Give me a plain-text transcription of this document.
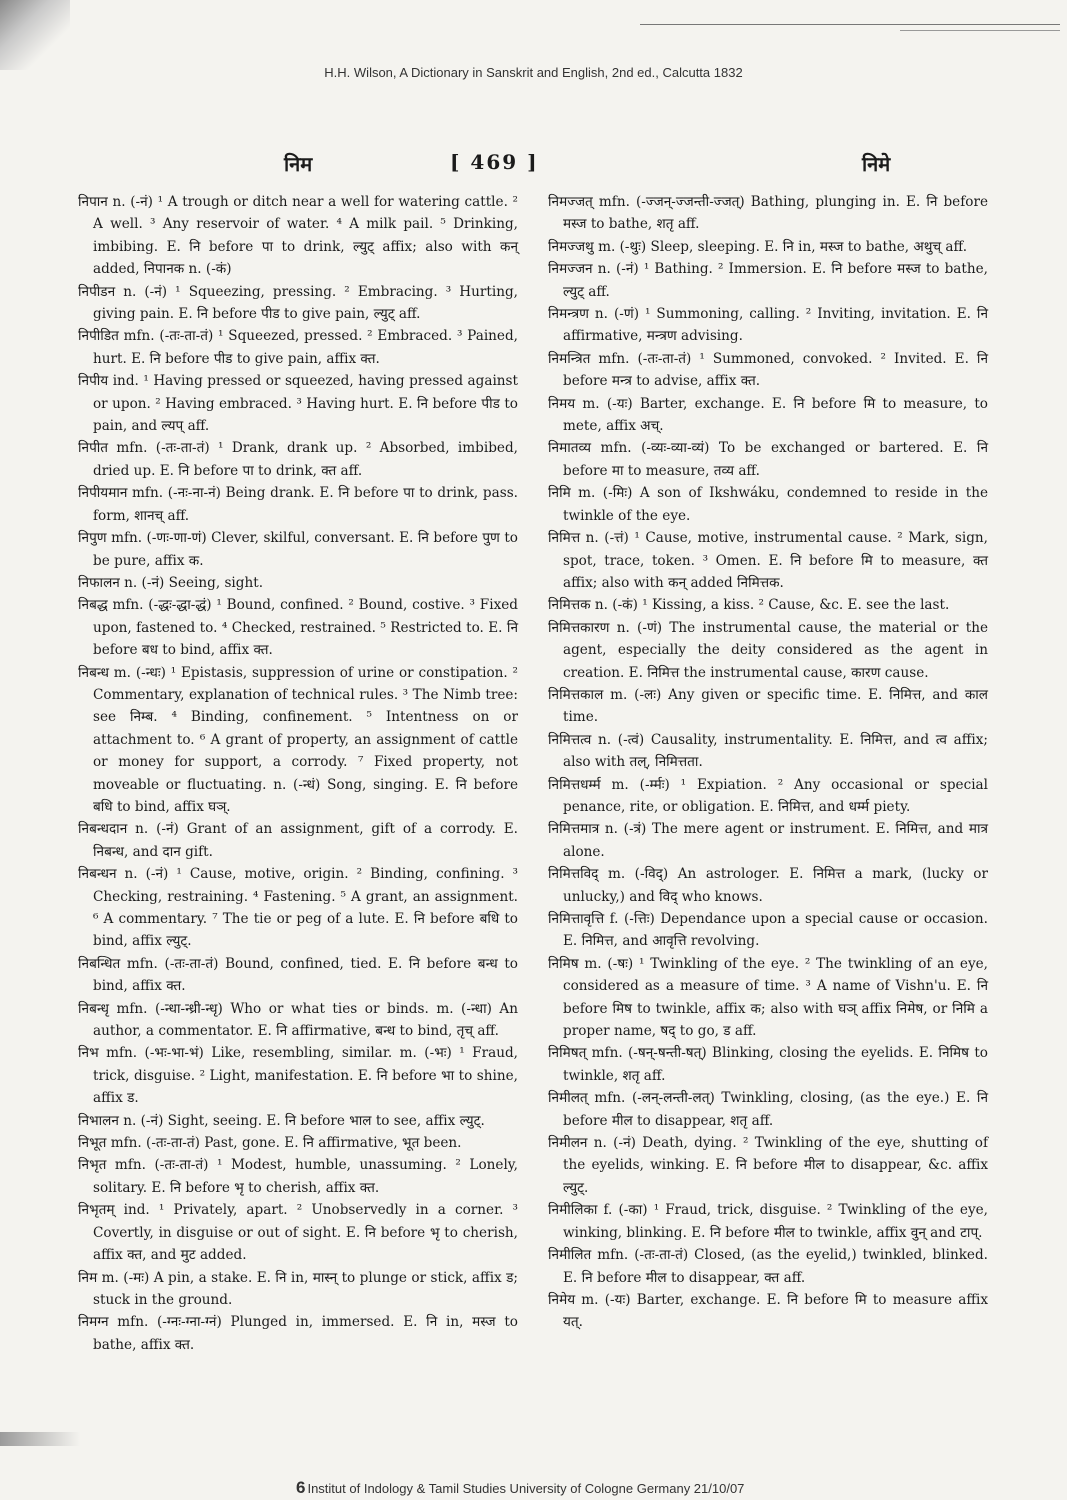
H.H. Wilson, A Dictionary in Sanskrit and English, 2nd ed., Calcutta 1832
निम	[ 469 ]	निमे
निपान n. (-नं) ¹ A trough or ditch near a well for watering cattle. ² A well. ³ Any reservoir of water. ⁴ A milk pail. ⁵ Drinking, imbibing. E. नि before पा to drink, ल्युट् affix; also with कन् added, निपानक n. (-कं)
निपीडन n. (-नं) ¹ Squeezing, pressing. ² Embracing. ³ Hurting, giving pain. E. नि before पीड to give pain, ल्युट् aff.
निपीडित mfn. (-तः-ता-तं) ¹ Squeezed, pressed. ² Embraced. ³ Pained, hurt. E. नि before पीड to give pain, affix क्त.
निपीय ind. ¹ Having pressed or squeezed, having pressed against or upon. ² Having embraced. ³ Having hurt. E. नि before पीड to pain, and ल्यप् aff.
निपीत mfn. (-तः-ता-तं) ¹ Drank, drank up. ² Absorbed, imbibed, dried up. E. नि before पा to drink, क्त aff.
निपीयमान mfn. (-नः-ना-नं) Being drank. E. नि before पा to drink, pass. form, शानच् aff.
निपुण mfn. (-णः-णा-णं) Clever, skilful, conversant. E. नि before पुण to be pure, affix क.
निफालन n. (-नं) Seeing, sight.
निबद्ध mfn. (-द्धः-द्धा-द्धं) ¹ Bound, confined. ² Bound, costive. ³ Fixed upon, fastened to. ⁴ Checked, restrained. ⁵ Restricted to. E. नि before बध to bind, affix क्त.
निबन्ध m. (-न्धः) ¹ Epistasis, suppression of urine or constipation. ² Commentary, explanation of technical rules. ³ The Nimb tree: see निम्ब. ⁴ Binding, confinement. ⁵ Intentness on or attachment to. ⁶ A grant of property, an assignment of cattle or money for support, a corrody. ⁷ Fixed property, not moveable or fluctuating. n. (-न्धं) Song, singing. E. नि before बधि to bind, affix घञ्.
निबन्धदान n. (-नं) Grant of an assignment, gift of a corrody. E. निबन्ध, and दान gift.
निबन्धन n. (-नं) ¹ Cause, motive, origin. ² Binding, confining. ³ Checking, restraining. ⁴ Fastening. ⁵ A grant, an assignment. ⁶ A commentary. ⁷ The tie or peg of a lute. E. नि before बधि to bind, affix ल्युट्.
निबन्धित mfn. (-तः-ता-तं) Bound, confined, tied. E. नि before बन्ध to bind, affix क्त.
निबन्धृ mfn. (-न्धा-न्ध्री-न्धृ) Who or what ties or binds. m. (-न्धा) An author, a commentator. E. नि affirmative, बन्ध to bind, तृच् aff.
निभ mfn. (-भः-भा-भं) Like, resembling, similar. m. (-भः) ¹ Fraud, trick, disguise. ² Light, manifestation. E. नि before भा to shine, affix ड.
निभालन n. (-नं) Sight, seeing. E. नि before भाल to see, affix ल्युट्.
निभूत mfn. (-तः-ता-तं) Past, gone. E. नि affirmative, भूत been.
निभृत mfn. (-तः-ता-तं) ¹ Modest, humble, unassuming. ² Lonely, solitary. E. नि before भृ to cherish, affix क्त.
निभृतम् ind. ¹ Privately, apart. ² Unobservedly in a corner. ³ Covertly, in disguise or out of sight. E. नि before भृ to cherish, affix क्त, and मुट added.
निम m. (-मः) A pin, a stake. E. नि in, मास्न् to plunge or stick, affix ड; stuck in the ground.
निमग्न mfn. (-ग्नः-ग्ना-ग्नं) Plunged in, immersed. E. नि in, मस्ज to bathe, affix क्त.
निमज्जत् mfn. (-ज्जन्-ज्जन्ती-ज्जत्) Bathing, plunging in. E. नि before मस्ज to bathe, शतृ aff.
निमज्जथु m. (-थुः) Sleep, sleeping. E. नि in, मस्ज to bathe, अथुच् aff.
निमज्जन n. (-नं) ¹ Bathing. ² Immersion. E. नि before मस्ज to bathe, ल्युट् aff.
निमन्त्रण n. (-णं) ¹ Summoning, calling. ² Inviting, invitation. E. नि affirmative, मन्त्रण advising.
निमन्त्रित mfn. (-तः-ता-तं) ¹ Summoned, convoked. ² Invited. E. नि before मन्त्र to advise, affix क्त.
निमय m. (-यः) Barter, exchange. E. नि before मि to measure, to mete, affix अच्.
निमातव्य mfn. (-व्यः-व्या-व्यं) To be exchanged or bartered. E. नि before मा to measure, तव्य aff.
निमि m. (-मिः) A son of Ikshwáku, condemned to reside in the twinkle of the eye.
निमित्त n. (-त्तं) ¹ Cause, motive, instrumental cause. ² Mark, sign, spot, trace, token. ³ Omen. E. नि before मि to measure, क्त affix; also with कन् added निमित्तक.
निमित्तक n. (-कं) ¹ Kissing, a kiss. ² Cause, &c. E. see the last.
निमित्तकारण n. (-णं) The instrumental cause, the material or the agent, especially the deity considered as the agent in creation. E. निमित्त the instrumental cause, कारण cause.
निमित्तकाल m. (-लः) Any given or specific time. E. निमित्त, and काल time.
निमित्तत्व n. (-त्वं) Causality, instrumentality. E. निमित्त, and त्व affix; also with तल्, निमित्तता.
निमित्तधर्म्म m. (-र्म्मः) ¹ Expiation. ² Any occasional or special penance, rite, or obligation. E. निमित्त, and धर्म्म piety.
निमित्तमात्र n. (-त्रं) The mere agent or instrument. E. निमित्त, and मात्र alone.
निमित्तविद् m. (-विद्) An astrologer. E. निमित्त a mark, (lucky or unlucky,) and विद् who knows.
निमित्तावृत्ति f. (-त्तिः) Dependance upon a special cause or occasion. E. निमित्त, and आवृत्ति revolving.
निमिष m. (-षः) ¹ Twinkling of the eye. ² The twinkling of an eye, considered as a measure of time. ³ A name of Vishn'u. E. नि before मिष to twinkle, affix क; also with घञ् affix निमेष, or निमि a proper name, षद् to go, ड aff.
निमिषत् mfn. (-षन्-षन्ती-षत्) Blinking, closing the eyelids. E. निमिष to twinkle, शतृ aff.
निमीलत् mfn. (-लन्-लन्ती-लत्) Twinkling, closing, (as the eye.) E. नि before मील to disappear, शतृ aff.
निमीलन n. (-नं) Death, dying. ² Twinkling of the eye, shutting of the eyelids, winking. E. नि before मील to disappear, &c. affix ल्युट्.
निमीलिका f. (-का) ¹ Fraud, trick, disguise. ² Twinkling of the eye, winking, blinking. E. नि before मील to twinkle, affix वुन् and टाप्.
निमीलित mfn. (-तः-ता-तं) Closed, (as the eyelid,) twinkled, blinked. E. नि before मील to disappear, क्त aff.
निमेय m. (-यः) Barter, exchange. E. नि before मि to measure affix यत्.
6 Institut of Indology & Tamil Studies University of Cologne Germany 21/10/07
